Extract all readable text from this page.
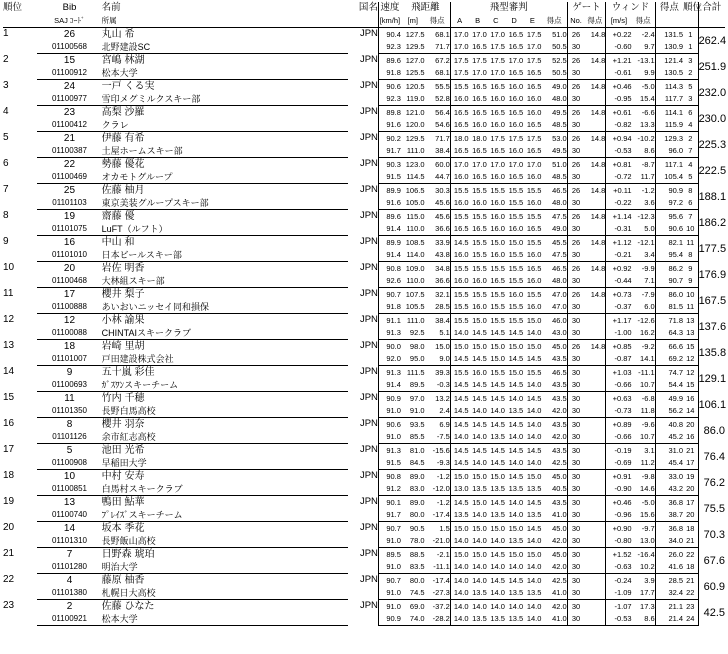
順位	Bib	名前	国名	速度	飛距離		飛型審判						ゲート		ウィンド		得点	順位	合計
	SAJ ｺｰﾄﾞ	所属		[km/h]	[m]	得点	A	B	C	D	E	得点	No.	得点	[m/s]	得点			
1	26	丸山 希	JPN	90.4	127.5	68.1	17.0	17.0	17.0	16.5	17.5	51.0	26	14.8	+0.22	-2.4	131.5	1	262.4
	01100568	北野建設SC		92.3	129.5	71.7	17.0	16.5	17.5	16.5	17.0	50.5	30		-0.60	9.7	130.9	1	
2	15	宮嶋 林湖	JPN	89.6	127.0	67.2	17.5	17.5	17.5	17.0	17.5	52.5	26	14.8	+1.21	-13.1	121.4	3	251.9
	01100912	松本大学		91.8	125.5	68.1	17.5	17.0	17.0	16.5	16.5	50.5	30		-0.61	9.9	130.5	2	
3	24	一戸 くる実	JPN	90.6	120.5	55.5	15.5	16.5	16.5	16.0	16.5	49.0	26	14.8	+0.46	-5.0	114.3	5	232.0
	01100977	雪印メグミルクスキー部		92.3	119.0	52.8	16.0	16.5	16.0	16.0	16.0	48.0	30		-0.95	15.4	117.7	3	
4	23	高梨 沙羅	JPN	89.8	121.0	56.4	16.5	16.5	16.5	16.5	16.0	49.5	26	14.8	+0.61	-6.6	114.1	6	230.0
	01100412	クラレ		91.6	120.0	54.6	16.5	16.0	16.0	16.0	16.5	48.5	30		-0.82	13.3	115.9	4	
5	21	伊藤 有希	JPN	90.2	129.5	71.7	18.0	18.0	17.5	17.5	17.5	53.0	26	14.8	+0.94	-10.2	129.3	2	225.3
	01100387	土屋ホームスキー部		91.7	111.0	38.4	16.5	16.5	16.5	16.0	16.5	49.5	30		-0.53	8.6	96.0	7	
6	22	勢藤 優花	JPN	90.3	123.0	60.0	17.0	17.0	17.0	17.0	17.0	51.0	26	14.8	+0.81	-8.7	117.1	4	222.5
	01100469	オカモトグループ		91.5	114.5	44.7	16.0	16.5	16.0	16.5	16.0	48.5	30		-0.72	11.7	105.4	5	
7	25	佐藤 柚月	JPN	89.9	106.5	30.3	15.5	15.5	15.5	15.5	15.5	46.5	26	14.8	+0.11	-1.2	90.9	8	188.1
	01101103	東京美装グループスキー部		91.6	105.0	45.6	16.0	16.0	16.0	15.5	16.0	48.0	30		-0.22	3.6	97.2	6	
8	19	齋藤 優	JPN	89.6	115.0	45.6	15.5	15.5	16.0	15.5	15.5	47.5	26	14.8	+1.14	-12.3	95.6	7	186.2
	01101075	LuFT（ルフト）		91.4	110.0	36.6	16.5	16.5	16.0	16.0	16.5	49.0	30		-0.31	5.0	90.6	10	
9	16	中山 和	JPN	89.9	108.5	33.9	14.5	15.5	15.0	15.0	15.5	45.5	26	14.8	+1.12	-12.1	82.1	11	177.5
	01101010	日本ビールスキー部		91.4	114.0	43.8	16.0	15.5	16.0	15.5	16.0	47.5	30		-0.21	3.4	95.4	8	
10	20	岩佐 明香	JPN	90.8	109.0	34.8	15.5	15.5	15.5	15.5	16.5	46.5	26	14.8	+0.92	-9.9	86.2	9	176.9
	01100468	大林組スキー部		92.6	110.0	36.6	16.0	16.0	16.5	15.5	16.0	48.0	30		-0.44	7.1	90.7	9	
11	17	櫻井 梨子	JPN	90.7	107.5	32.1	15.5	15.5	15.5	16.0	15.5	47.0	26	14.8	+0.73	-7.9	86.0	10	167.5
	01100888	あいおいニッセイ同和損保		91.8	105.5	28.5	15.5	16.0	15.5	15.5	16.0	47.0	30		-0.37	6.0	81.5	11	
12	12	小林 諭果	JPN	91.1	111.0	38.4	15.5	15.0	15.5	15.5	15.0	46.0	30		+1.17	-12.6	71.8	13	137.6
	01100088	CHINTAIスキークラブ		91.3	92.5	5.1	14.0	14.5	14.5	14.5	14.0	43.0	30		-1.00	16.2	64.3	13	
13	18	岩崎 里胡	JPN	90.0	98.0	15.0	15.0	15.0	15.0	15.0	15.0	45.0	26	14.8	+0.85	-9.2	66.6	15	135.8
	01101007	戸田建設株式会社		92.0	95.0	9.0	14.5	14.5	15.0	14.5	14.5	43.5	30		-0.87	14.1	69.2	12	
14	9	五十嵐 彩佳	JPN	91.3	111.5	39.3	15.5	16.0	15.5	15.0	15.5	46.5	30		+1.03	-11.1	74.7	12	129.1
	01100693	ｶﾞｽﾜﾝスキーチーム		91.4	89.5	-0.3	14.5	14.5	14.5	14.5	14.0	43.5	30		-0.66	10.7	54.4	15	
15	11	竹内 千穂	JPN	90.9	97.0	13.2	14.5	14.5	14.5	14.0	14.5	43.5	30		+0.63	-6.8	49.9	16	106.1
	01101350	長野白馬高校		91.0	91.0	2.4	14.5	14.0	14.0	13.5	14.0	42.0	30		-0.73	11.8	56.2	14	
16	8	櫻井 羽奈	JPN	90.6	93.5	6.9	14.5	14.5	14.5	14.5	14.0	43.5	30		+0.89	-9.6	40.8	20	86.0
	01101126	余市紅志高校		91.0	85.5	-7.5	14.0	14.0	13.5	14.0	14.0	42.0	30		-0.66	10.7	45.2	16	
17	5	池田 光希	JPN	91.3	81.0	-15.6	14.5	14.5	14.5	14.5	14.5	43.5	30		-0.19	3.1	31.0	21	76.4
	01100908	早稲田大学		91.5	84.5	-9.3	14.5	14.0	14.5	14.0	14.0	42.5	30		-0.69	11.2	45.4	17	
18	10	中村 安寿	JPN	90.8	89.0	-1.2	15.0	15.0	15.0	14.5	15.0	45.0	30		+0.91	-9.8	33.0	19	76.2
	01100851	白馬村スキークラブ		91.2	83.0	-12.0	13.0	13.5	13.5	13.5	13.5	40.5	30		-0.90	14.6	43.2	20	
19	13	鴨田 鮎華	JPN	90.1	89.0	-1.2	14.5	15.0	14.5	14.0	14.5	43.5	30		+0.46	-5.0	36.8	17	75.5
	01100740	ﾌﾟﾚｲｽﾞスキーチーム		91.7	80.0	-17.4	13.5	14.0	13.5	14.0	13.5	41.0	30		-0.96	15.6	38.7	20	
20	14	坂本 季花	JPN	90.7	90.5	1.5	15.0	15.0	15.0	15.0	14.5	45.0	30		+0.90	-9.7	36.8	18	70.3
	01101310	長野飯山高校		91.0	78.0	-21.0	14.0	14.0	14.0	13.5	14.0	42.0	30		-0.80	13.0	34.0	21	
21	7	日野森 琥珀	JPN	89.5	88.5	-2.1	15.0	15.0	14.5	15.0	15.0	45.0	30		+1.52	-16.4	26.0	22	67.6
	01101280	明治大学		91.0	83.5	-11.1	14.0	14.0	14.0	14.0	14.0	42.0	30		-0.63	10.2	41.6	18	
22	4	藤原 柚香	JPN	90.7	80.0	-17.4	14.0	14.0	14.5	14.5	14.0	42.5	30		-0.24	3.9	28.5	21	60.9
	01101380	札幌日大高校		91.0	74.5	-27.3	14.0	13.5	14.0	13.5	13.5	41.0	30		-1.09	17.7	32.4	22	
23	2	佐藤 ひなた	JPN	91.0	69.0	-37.2	14.0	14.0	14.0	14.0	14.0	42.0	30		-1.07	17.3	21.1	23	42.5
	01100921	松本大学		90.9	74.0	-28.2	14.0	13.5	13.5	13.5	14.0	41.0	30		-0.53	8.6	21.4	24	
